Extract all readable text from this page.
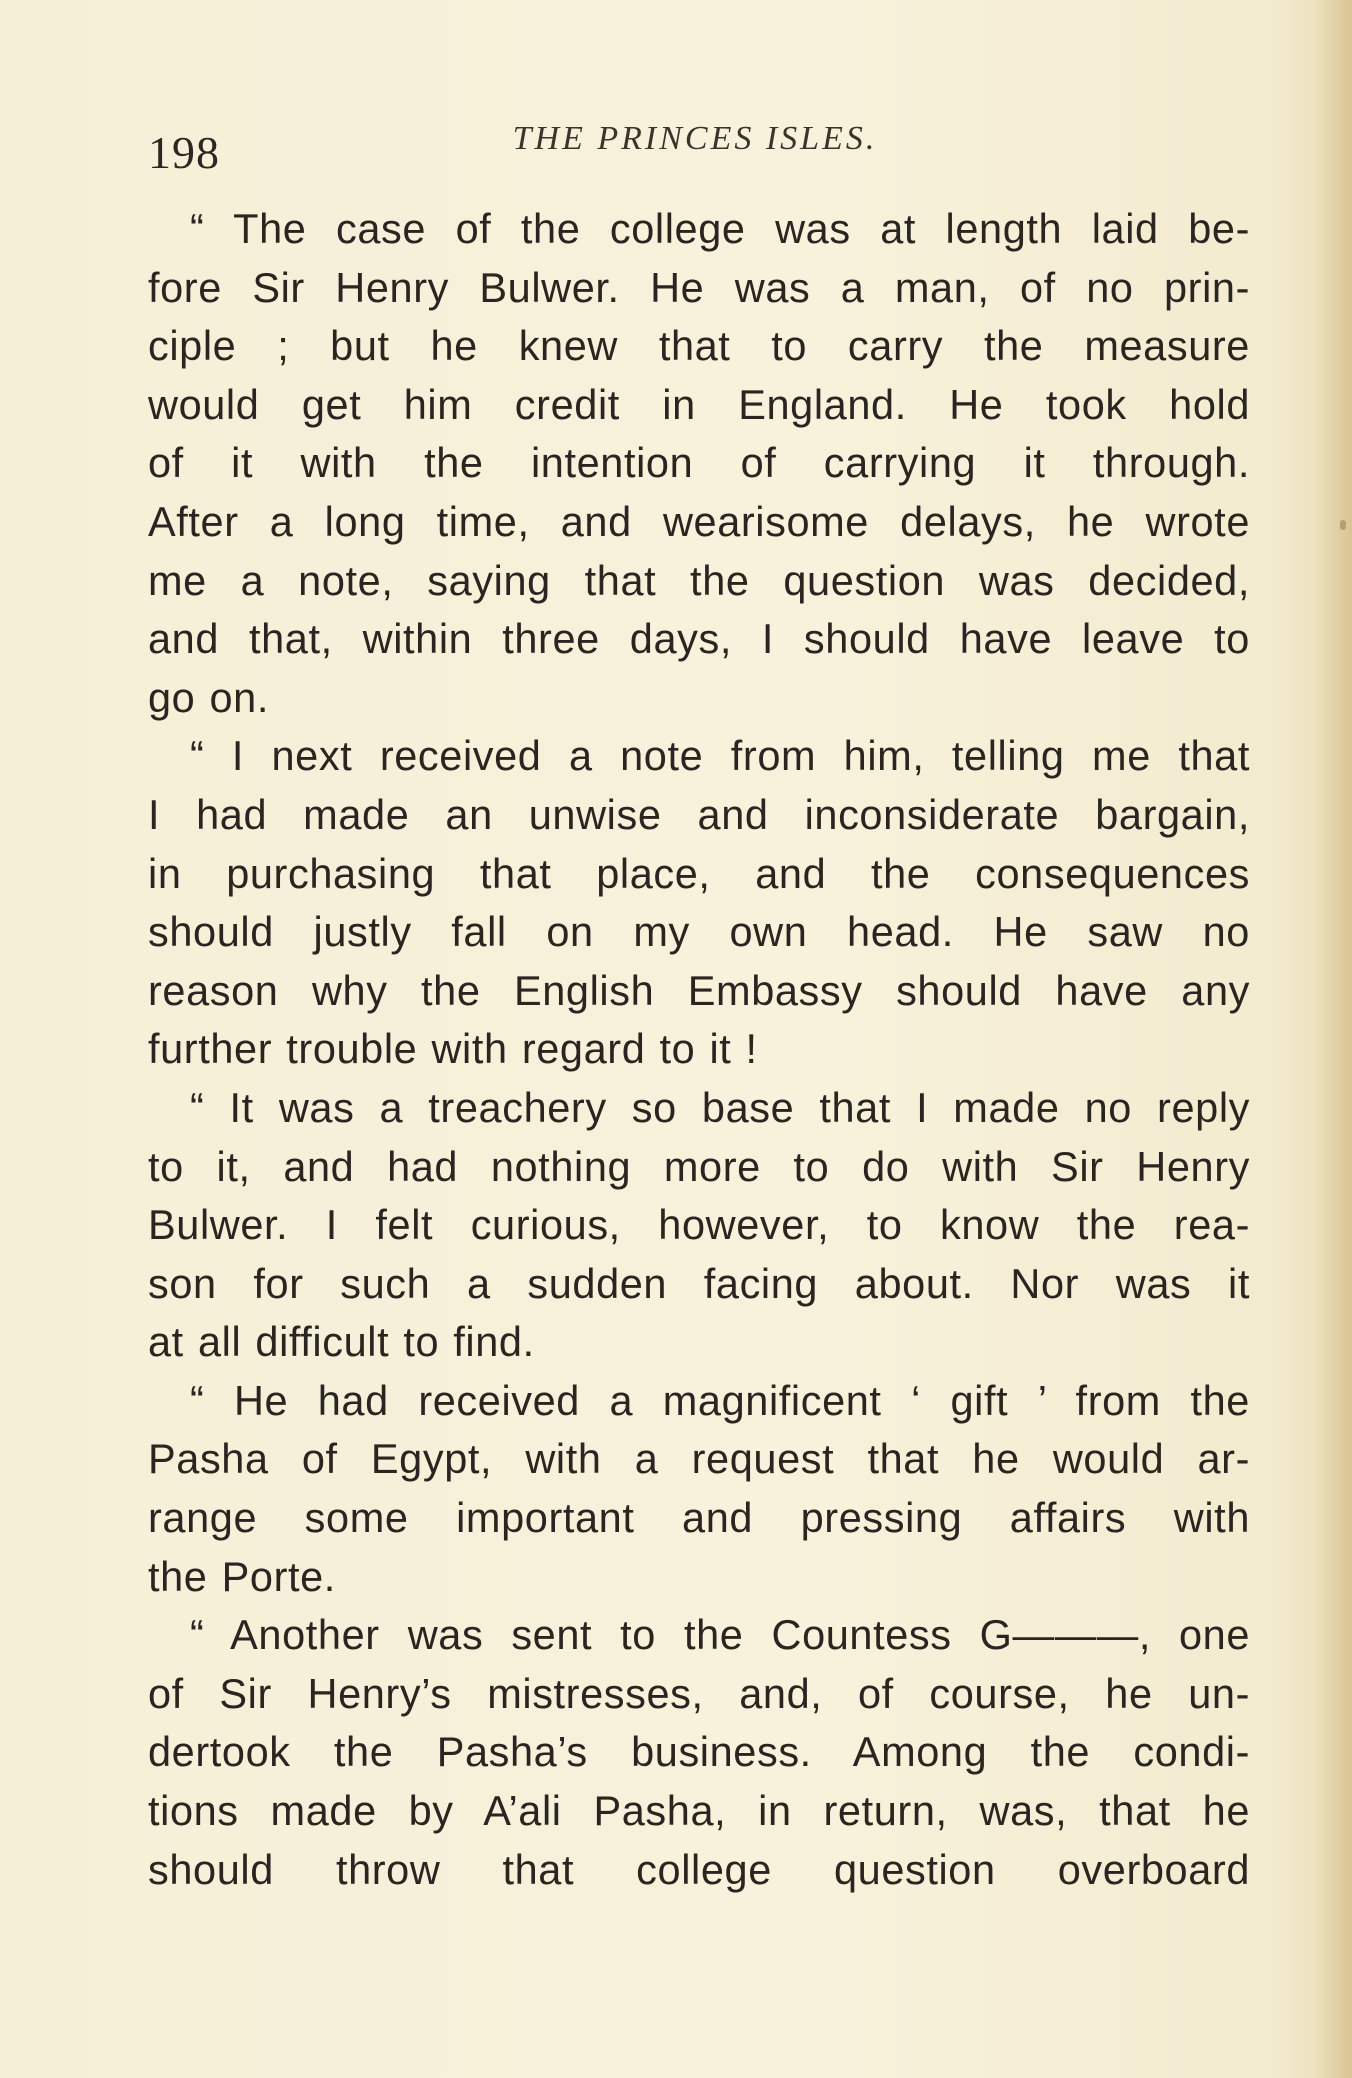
198	THE PRINCES ISLES.
“ The case of the college was at length laid be-
fore Sir Henry Bulwer. He was a man, of no prin-
ciple ; but he knew that to carry the measure
would get him credit in England. He took hold
of it with the intention of carrying it through.
After a long time, and wearisome delays, he wrote
me a note, saying that the question was decided,
and that, within three days, I should have leave to
go on.
“ I next received a note from him, telling me that
I had made an unwise and inconsiderate bargain,
in purchasing that place, and the consequences
should justly fall on my own head. He saw no
reason why the English Embassy should have any
further trouble with regard to it !
“ It was a treachery so base that I made no reply
to it, and had nothing more to do with Sir Henry
Bulwer. I felt curious, however, to know the rea-
son for such a sudden facing about. Nor was it
at all difficult to find.
“ He had received a magnificent ‘ gift ’ from the
Pasha of Egypt, with a request that he would ar-
range some important and pressing affairs with
the Porte.
“ Another was sent to the Countess G———, one
of Sir Henry’s mistresses, and, of course, he un-
dertook the Pasha’s business. Among the condi-
tions made by A’ali Pasha, in return, was, that he
should throw that college question overboard
